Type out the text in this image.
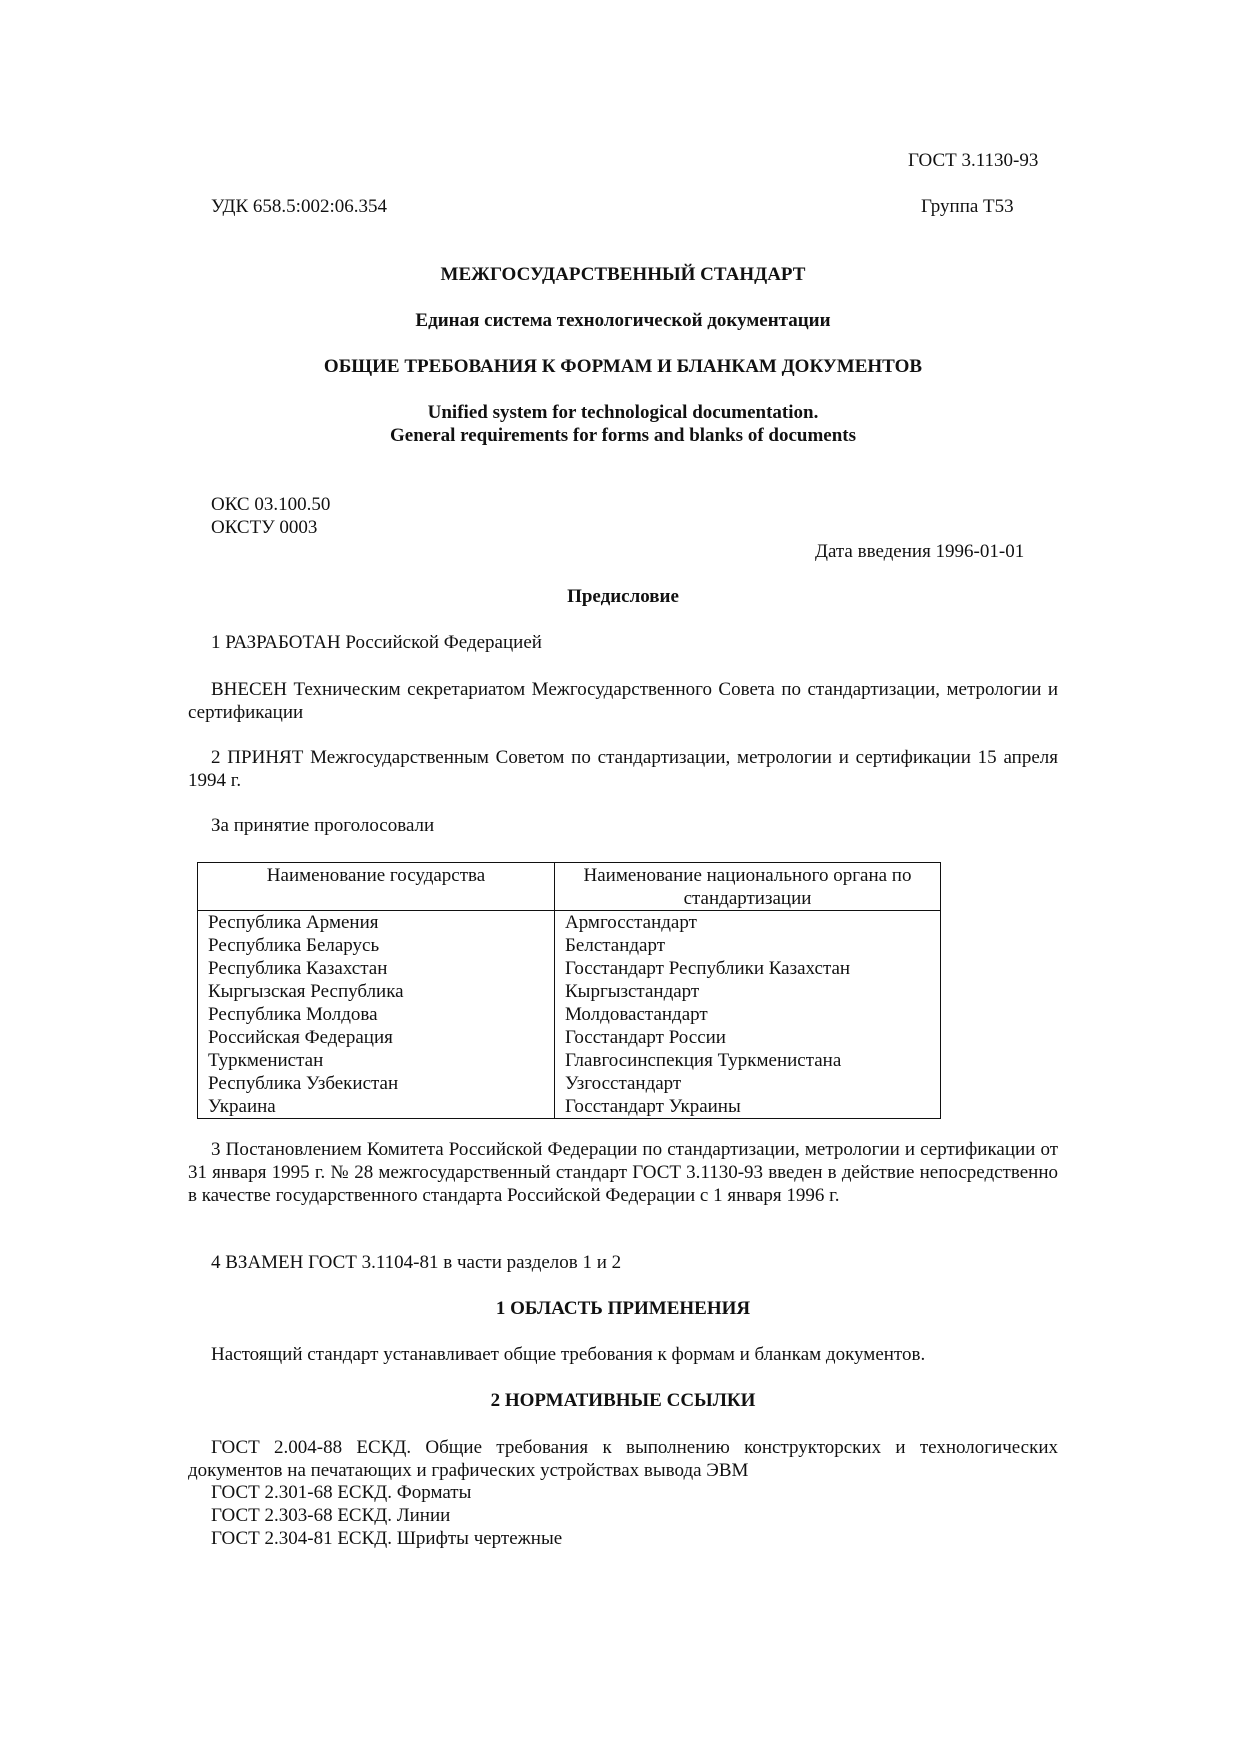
ГОСТ 3.1130-93
УДК 658.5:002:06.354	Группа Т53
МЕЖГОСУДАРСТВЕННЫЙ СТАНДАРТ
Единая система технологической документации
ОБЩИЕ ТРЕБОВАНИЯ К ФОРМАМ И БЛАНКАМ ДОКУМЕНТОВ
Unified system for technological documentation.
General requirements for forms and blanks of documents
ОКС 03.100.50
ОКСТУ 0003
Дата введения 1996-01-01
Предисловие
1 РАЗРАБОТАН Российской Федерацией
ВНЕСЕН Техническим секретариатом Межгосударственного Совета по стандартизации, метрологии и сертификации
2 ПРИНЯТ Межгосударственным Советом по стандартизации, метрологии и сертификации 15 апреля 1994 г.
За принятие проголосовали
Наименование государства	Наименование национального органа по стандартизации
Республика Армения	Армгосстандарт
Республика Беларусь	Белстандарт
Республика Казахстан	Госстандарт Республики Казахстан
Кыргызская Республика	Кыргызстандарт
Республика Молдова	Молдовастандарт
Российская Федерация	Госстандарт России
Туркменистан	Главгосинспекция Туркменистана
Республика Узбекистан	Узгосстандарт
Украина	Госстандарт Украины
3 Постановлением Комитета Российской Федерации по стандартизации, метрологии и сертификации от 31 января 1995 г. № 28 межгосударственный стандарт ГОСТ 3.1130-93 введен в действие непосредственно в качестве государственного стандарта Российской Федерации с 1 января 1996 г.
4 ВЗАМЕН ГОСТ 3.1104-81 в части разделов 1 и 2
1 ОБЛАСТЬ ПРИМЕНЕНИЯ
Настоящий стандарт устанавливает общие требования к формам и бланкам документов.
2 НОРМАТИВНЫЕ ССЫЛКИ
ГОСТ 2.004-88 ЕСКД. Общие требования к выполнению конструкторских и технологических документов на печатающих и графических устройствах вывода ЭВМ
ГОСТ 2.301-68 ЕСКД. Форматы
ГОСТ 2.303-68 ЕСКД. Линии
ГОСТ 2.304-81 ЕСКД. Шрифты чертежные
